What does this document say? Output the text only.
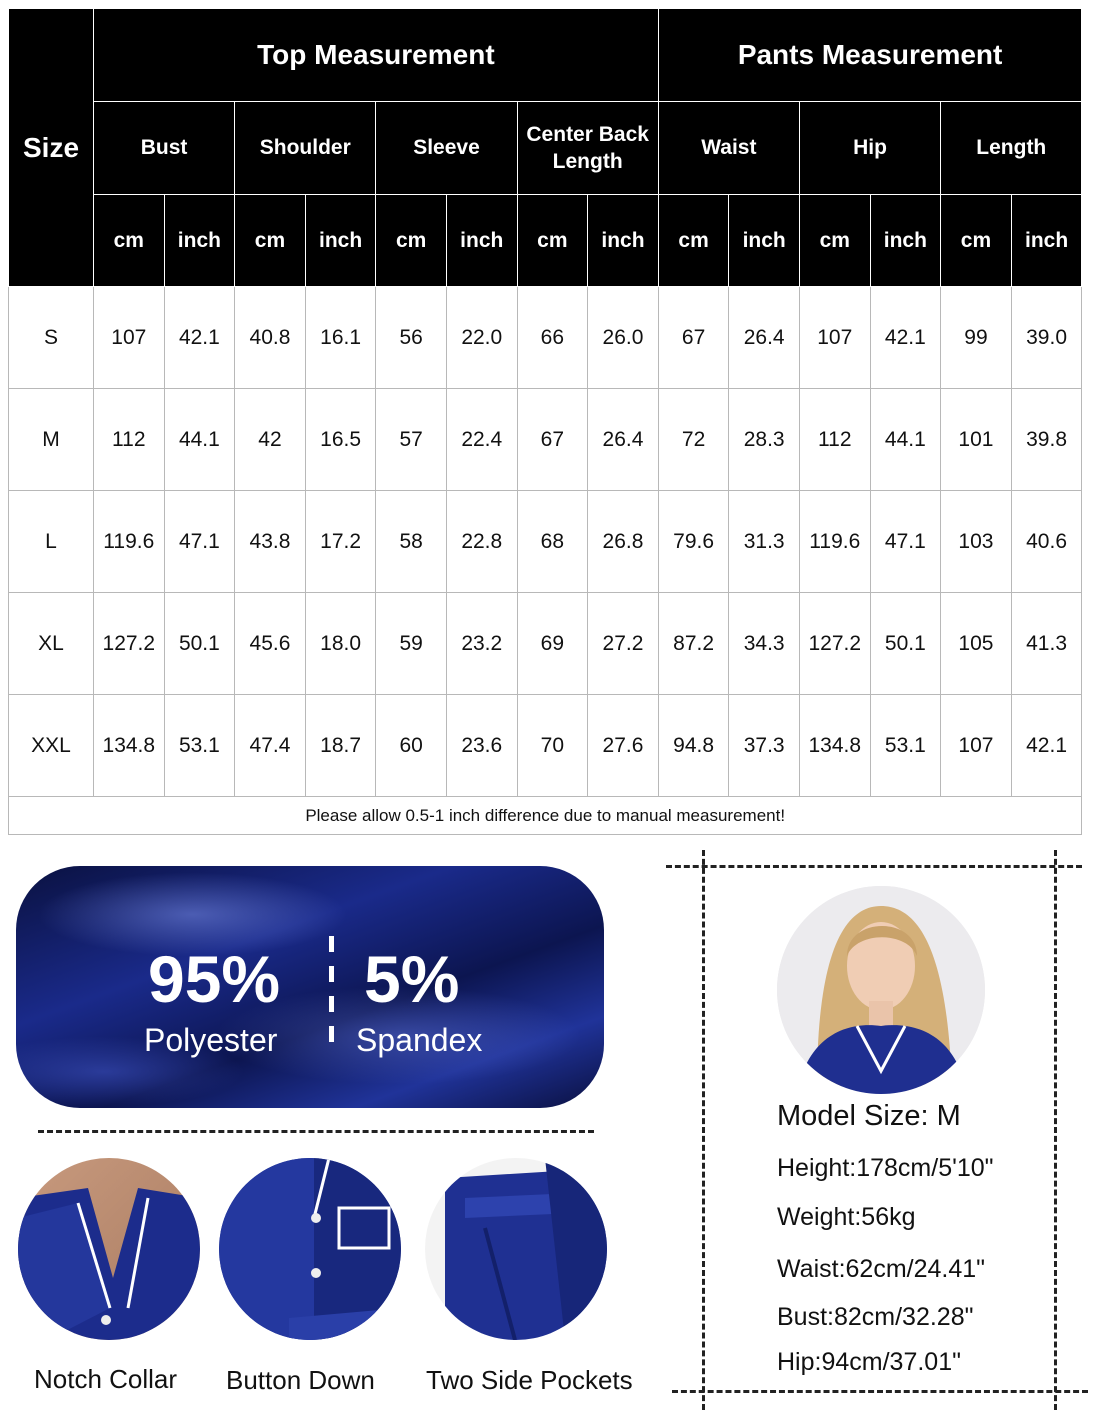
Size	Top Measurement								Pants Measurement					
	Bust		Shoulder		Sleeve		Center Back Length		Waist		Hip		Length	
	cm	inch	cm	inch	cm	inch	cm	inch	cm	inch	cm	inch	cm	inch
S	107	42.1	40.8	16.1	56	22.0	66	26.0	67	26.4	107	42.1	99	39.0
M	112	44.1	42	16.5	57	22.4	67	26.4	72	28.3	112	44.1	101	39.8
L	119.6	47.1	43.8	17.2	58	22.8	68	26.8	79.6	31.3	119.6	47.1	103	40.6
XL	127.2	50.1	45.6	18.0	59	23.2	69	27.2	87.2	34.3	127.2	50.1	105	41.3
XXL	134.8	53.1	47.4	18.7	60	23.6	70	27.6	94.8	37.3	134.8	53.1	107	42.1
Please allow 0.5-1 inch difference due to manual measurement!														
95%
Polyester
5%
Spandex
Notch Collar Button Down Two Side Pockets
Model Size: M
Height:178cm/5'10"
Weight:56kg
Waist:62cm/24.41"
Bust:82cm/32.28"
Hip:94cm/37.01"
